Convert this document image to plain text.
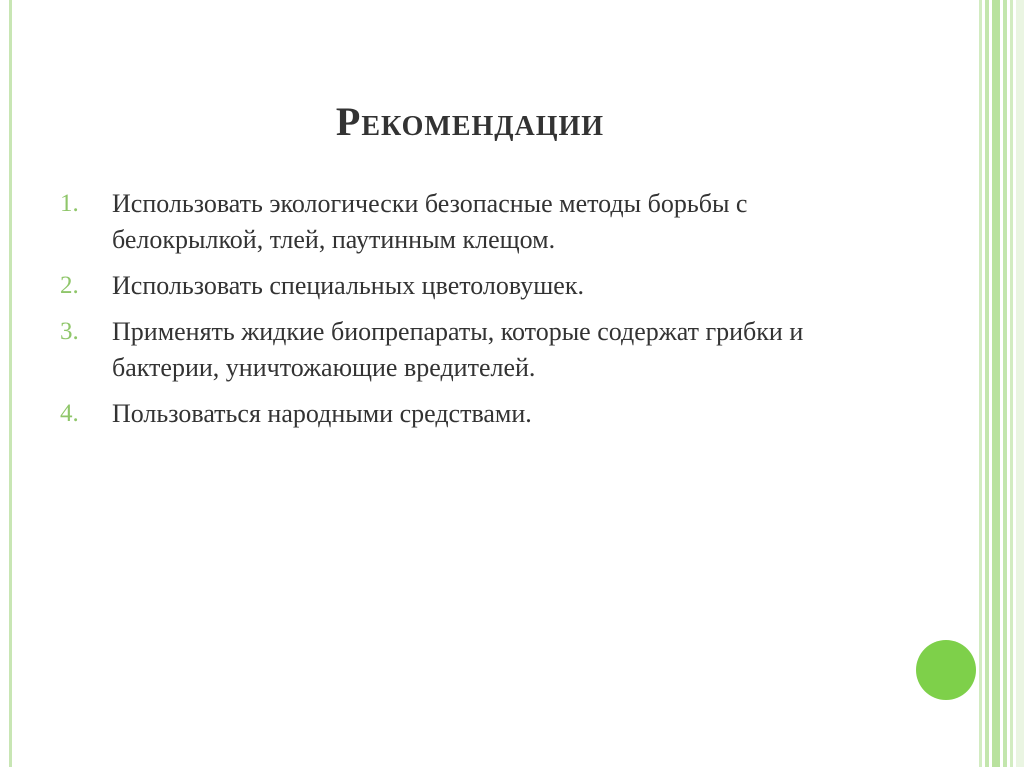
Рекомендации
1. Использовать экологически безопасные методы борьбы с белокрылкой, тлей, паутинным клещом.
2. Использовать специальных цветоловушек.
3. Применять жидкие биопрепараты, которые содержат грибки и бактерии, уничтожающие вредителей.
4. Пользоваться народными средствами.
